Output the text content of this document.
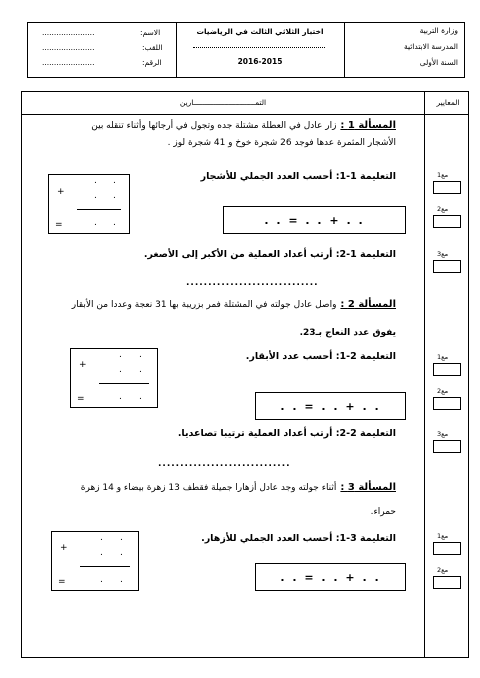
وزارة التربية
المدرسة الابتدائية
السنة الأولى
اختبار الثلاثي الثالث في الرياضيات
2016-2015
الاسم:
......................
اللقب:
......................
الرقم:
......................
المعايير
التمــــــــــــــــــــــــــــارين
المسألة 1 :
زار عادل في العطلة مشتلة جده وتجول في أرجائها وأثناء تنقله بين
الأشجار المثمرة عدها فوجد 26 شجرة خوخ و 41 شجرة لوز .
التعليمة 1-1: أحسب العدد الجملي للأشجار
+
=
. .
. .
. .	. . = . . + . .
التعليمة 1-2: أرتب أعداد العملية من الأكبر إلى الأصغر.
..............................
المسألة 2 :
واصل عادل جولته في المشتلة فمر بزريبة بها 31 نعجة وعددا من الأبقار
يفوق عدد النعاج بـ23.
التعليمة 2-1: أحسب عدد الأبقار.
+
=
. .
. .
. .
. . = . . + . .
التعليمة 2-2: أرتب أعداد العملية ترتيبا تصاعديا.
..............................
المسألة 3 :
أثناء جولته وجد عادل أزهارا جميلة فقطف 13 زهرة بيضاء و 14 زهرة
حمراء.
التعليمة 3-1: أحسب العدد الجملي للأزهار.
+
=
. .
. .
. .	. . = . . + . .
مع1
مع2
مع3
مع1
مع2
مع3
مع1
مع2
